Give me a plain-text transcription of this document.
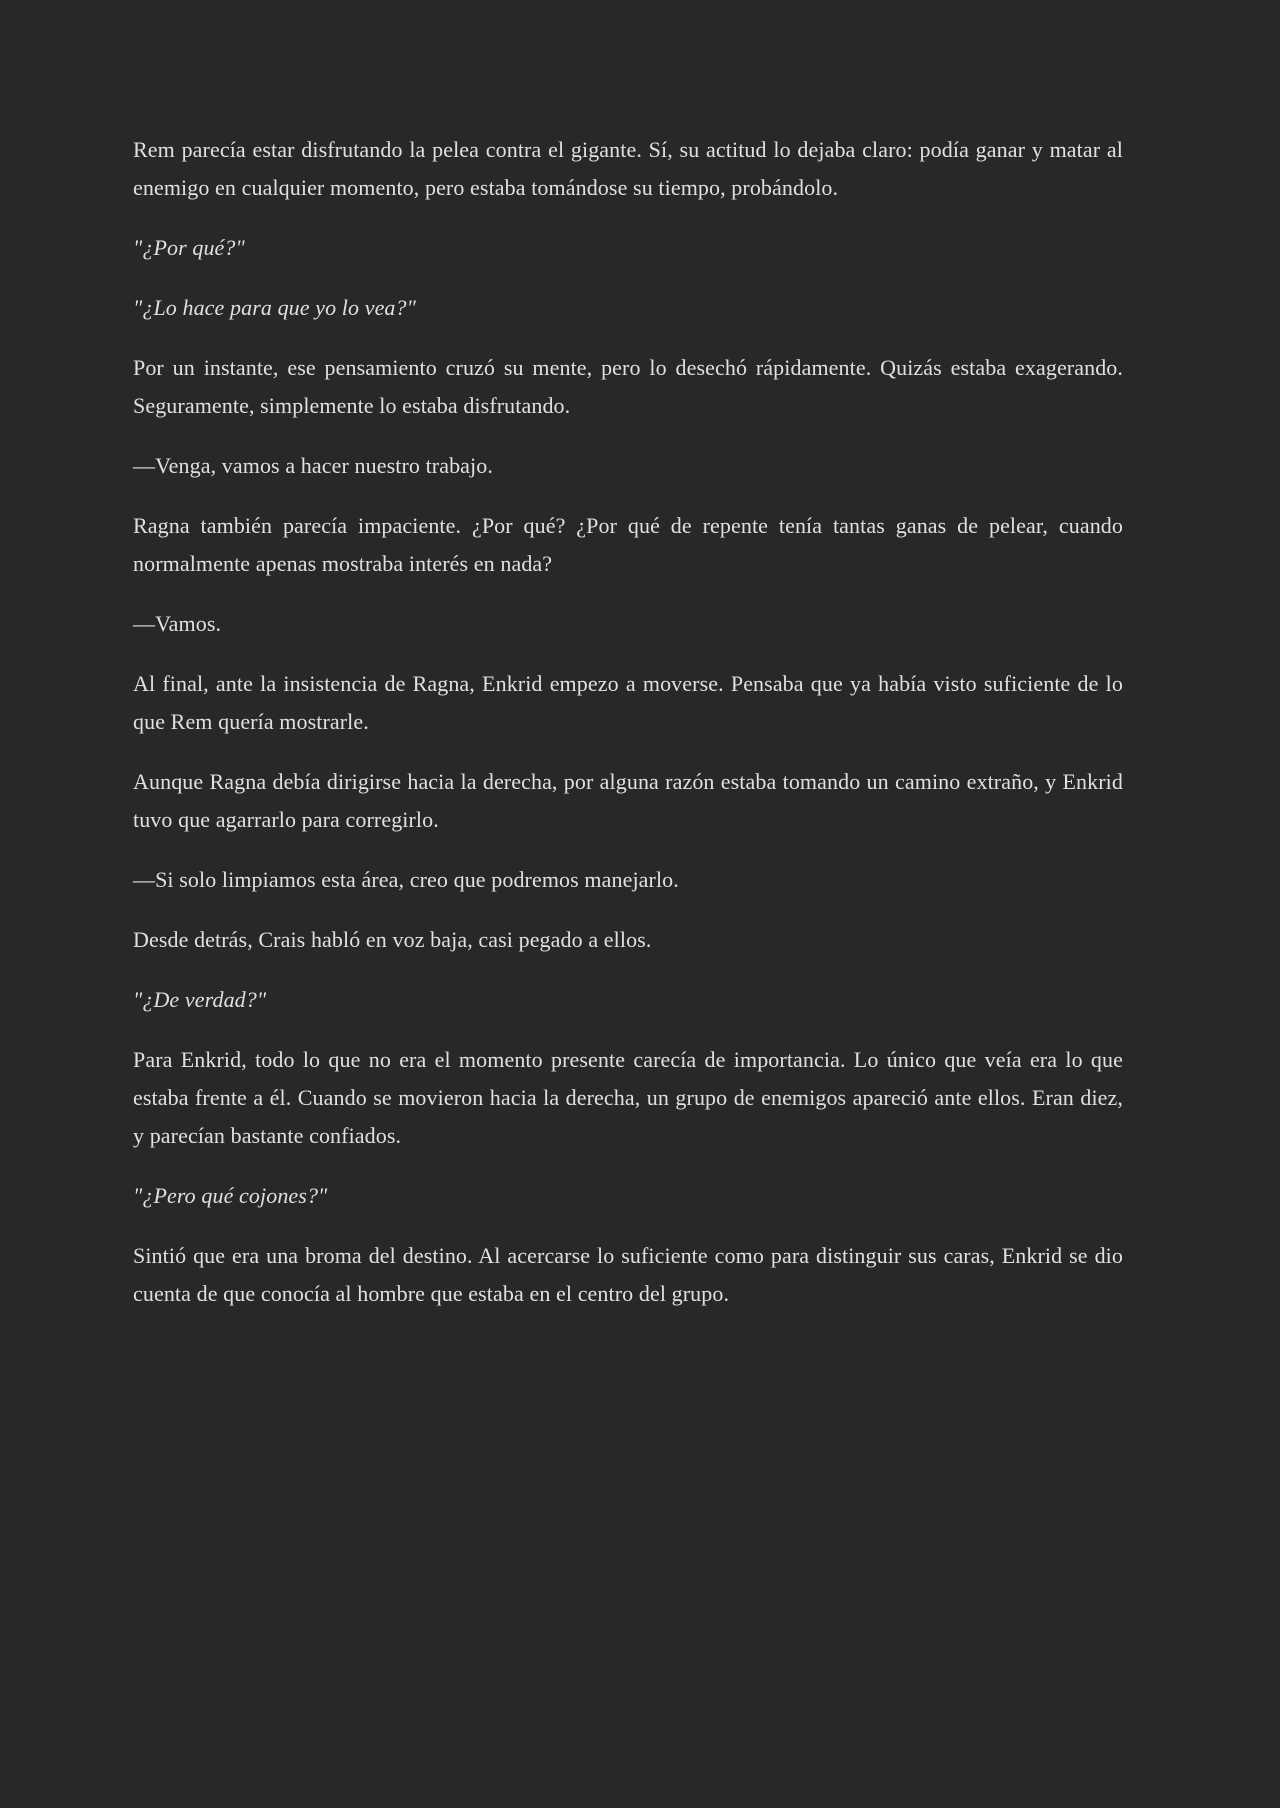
Rem parecía estar disfrutando la pelea contra el gigante. Sí, su actitud lo dejaba claro: podía ganar y matar al enemigo en cualquier momento, pero estaba tomándose su tiempo, probándolo.

"¿Por qué?"

"¿Lo hace para que yo lo vea?"

Por un instante, ese pensamiento cruzó su mente, pero lo desechó rápidamente. Quizás estaba exagerando. Seguramente, simplemente lo estaba disfrutando.

—Venga, vamos a hacer nuestro trabajo.

Ragna también parecía impaciente. ¿Por qué? ¿Por qué de repente tenía tantas ganas de pelear, cuando normalmente apenas mostraba interés en nada?

—Vamos.

Al final, ante la insistencia de Ragna, Enkrid empezo a moverse. Pensaba que ya había visto suficiente de lo que Rem quería mostrarle.

Aunque Ragna debía dirigirse hacia la derecha, por alguna razón estaba tomando un camino extraño, y Enkrid tuvo que agarrarlo para corregirlo.

—Si solo limpiamos esta área, creo que podremos manejarlo.

Desde detrás, Crais habló en voz baja, casi pegado a ellos.

"¿De verdad?"

Para Enkrid, todo lo que no era el momento presente carecía de importancia. Lo único que veía era lo que estaba frente a él. Cuando se movieron hacia la derecha, un grupo de enemigos apareció ante ellos. Eran diez, y parecían bastante confiados.

"¿Pero qué cojones?"

Sintió que era una broma del destino. Al acercarse lo suficiente como para distinguir sus caras, Enkrid se dio cuenta de que conocía al hombre que estaba en el centro del grupo.
